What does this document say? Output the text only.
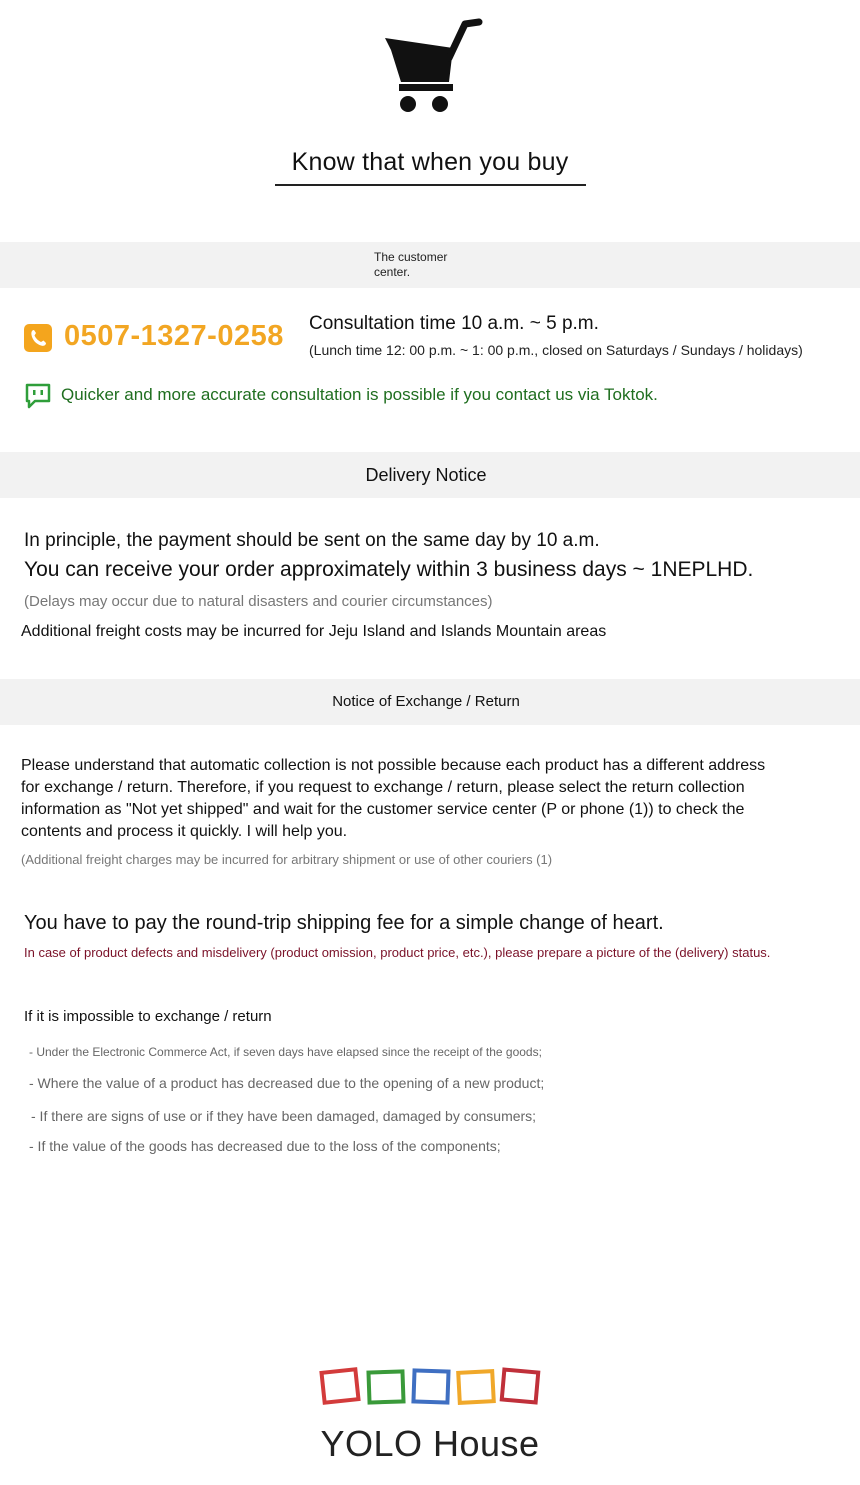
Know that when you buy
The customer center.
0507-1327-0258 Consultation time 10 a.m. ~ 5 p.m.
(Lunch time 12: 00 p.m. ~ 1: 00 p.m., closed on Saturdays / Sundays / holidays)
Quicker and more accurate consultation is possible if you contact us via Toktok.
Delivery Notice
In principle, the payment should be sent on the same day by 10 a.m.
You can receive your order approximately within 3 business days ~ 1NEPLHD.
(Delays may occur due to natural disasters and courier circumstances)
Additional freight costs may be incurred for Jeju Island and Islands Mountain areas
Notice of Exchange / Return
Please understand that automatic collection is not possible because each product has a different address for exchange / return. Therefore, if you request to exchange / return, please select the return collection information as "Not yet shipped" and wait for the customer service center (P or phone (1)) to check the contents and process it quickly. I will help you.
(Additional freight charges may be incurred for arbitrary shipment or use of other couriers (1)
You have to pay the round-trip shipping fee for a simple change of heart.
In case of product defects and misdelivery (product omission, product price, etc.), please prepare a picture of the (delivery) status.
If it is impossible to exchange / return
- Under the Electronic Commerce Act, if seven days have elapsed since the receipt of the goods;
- Where the value of a product has decreased due to the opening of a new product;
- If there are signs of use or if they have been damaged, damaged by consumers;
- If the value of the goods has decreased due to the loss of the components;
YOLO House
